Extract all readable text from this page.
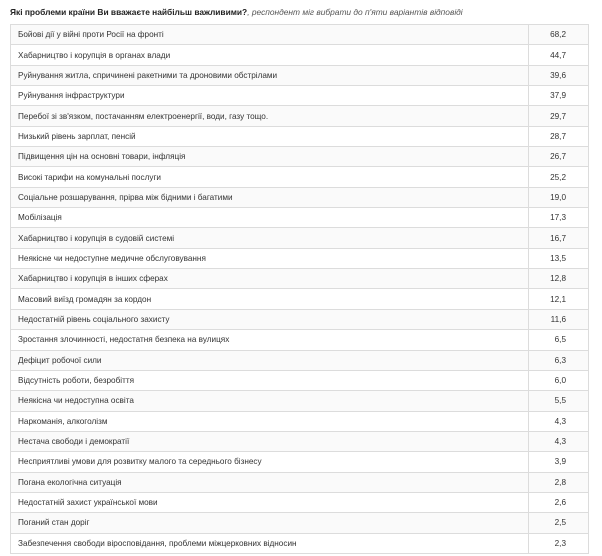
Які проблеми країни Ви вважаєте найбільш важливими?, респондент міг вибрати до п'яти варіантів відповіді
Бойові дії у війні проти Росії на фронті	68,2
Хабарництво і корупція в органах влади	44,7
Руйнування житла, спричинені ракетними та дроновими обстрілами	39,6
Руйнування інфраструктури	37,9
Перебої зі зв'язком, постачанням електроенергії, води, газу тощо.	29,7
Низький рівень зарплат, пенсій	28,7
Підвищення цін на основні товари, інфляція	26,7
Високі тарифи на комунальні послуги	25,2
Соціальне розшарування, прірва між бідними і багатими	19,0
Мобілізація	17,3
Хабарництво і корупція в судовій системі	16,7
Неякісне чи недоступне медичне обслуговування	13,5
Хабарництво і корупція в інших сферах	12,8
Масовий виїзд громадян за кордон	12,1
Недостатній рівень соціального захисту	11,6
Зростання злочинності, недостатня безпека на вулицях	6,5
Дефіцит робочої сили	6,3
Відсутність роботи, безробіття	6,0
Неякісна чи недоступна освіта	5,5
Наркоманія, алкоголізм	4,3
Нестача свободи і демократії	4,3
Несприятливі умови для розвитку малого та середнього бізнесу	3,9
Погана екологічна ситуація	2,8
Недостатній захист української мови	2,6
Поганий стан доріг	2,5
Забезпечення свободи віросповідання, проблеми міжцерковних відносин	2,3
